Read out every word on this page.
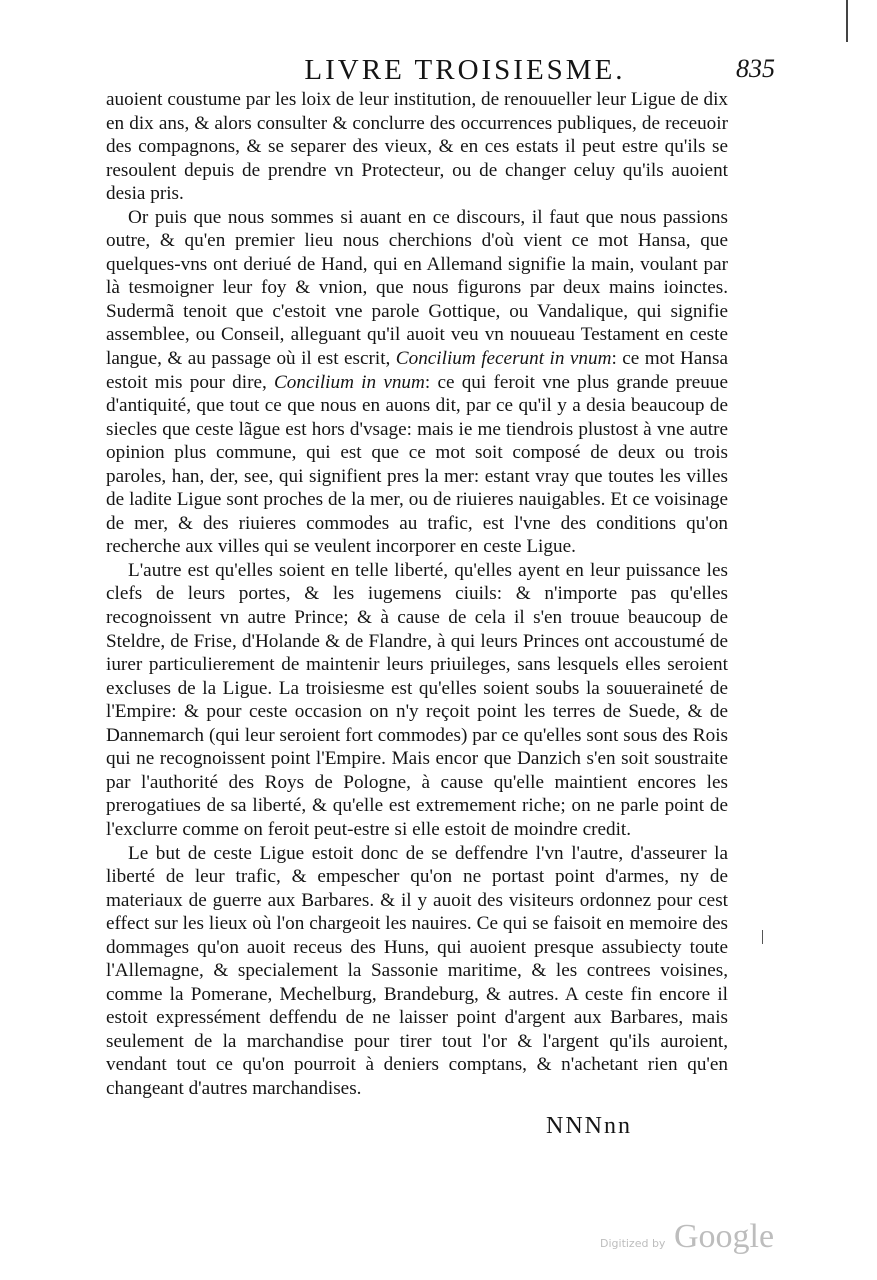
LIVRE TROISIESME.	835

auoient coustume par les loix de leur institution, de renouueller leur Ligue de dix en dix ans, & alors consulter & conclurre des occurrences publiques, de receuoir des compagnons, & se separer des vieux, & en ces estats il peut estre qu'ils se resoulent depuis de prendre vn Protecteur, ou de changer celuy qu'ils auoient desia pris.

Or puis que nous sommes si auant en ce discours, il faut que nous passions outre, & qu'en premier lieu nous cherchions d'où vient ce mot Hansa, que quelques-vns ont deriué de Hand, qui en Allemand signifie la main, voulant par là tesmoigner leur foy & vnion, que nous figurons par deux mains ioinctes. Sudermã tenoit que c'estoit vne parole Gottique, ou Vandalique, qui signifie assemblee, ou Conseil, alleguant qu'il auoit veu vn nouueau Testament en ceste langue, & au passage où il est escrit, Concilium fecerunt in vnum: ce mot Hansa estoit mis pour dire, Concilium in vnum: ce qui feroit vne plus grande preuue d'antiquité, que tout ce que nous en auons dit, par ce qu'il y a desia beaucoup de siecles que ceste lãgue est hors d'vsage: mais ie me tiendrois plustost à vne autre opinion plus commune, qui est que ce mot soit composé de deux ou trois paroles, han, der, see, qui signifient pres la mer: estant vray que toutes les villes de ladite Ligue sont proches de la mer, ou de riuieres nauigables. Et ce voisinage de mer, & des riuieres commodes au trafic, est l'vne des conditions qu'on recherche aux villes qui se veulent incorporer en ceste Ligue.

L'autre est qu'elles soient en telle liberté, qu'elles ayent en leur puissance les clefs de leurs portes, & les iugemens ciuils: & n'importe pas qu'elles recognoissent vn autre Prince; & à cause de cela il s'en trouue beaucoup de Steldre, de Frise, d'Holande & de Flandre, à qui leurs Princes ont accoustumé de iurer particulierement de maintenir leurs priuileges, sans lesquels elles seroient excluses de la Ligue. La troisiesme est qu'elles soient soubs la souueraineté de l'Empire: & pour ceste occasion on n'y reçoit point les terres de Suede, & de Dannemarch (qui leur seroient fort commodes) par ce qu'elles sont sous des Rois qui ne recognoissent point l'Empire. Mais encor que Danzich s'en soit soustraite par l'authorité des Roys de Pologne, à cause qu'elle maintient encores les prerogatiues de sa liberté, & qu'elle est extremement riche; on ne parle point de l'exclurre comme on feroit peut-estre si elle estoit de moindre credit.

Le but de ceste Ligue estoit donc de se deffendre l'vn l'autre, d'asseurer la liberté de leur trafic, & empescher qu'on ne portast point d'armes, ny de materiaux de guerre aux Barbares. & il y auoit des visiteurs ordonnez pour cest effect sur les lieux où l'on chargeoit les nauires. Ce qui se faisoit en memoire des dommages qu'on auoit receus des Huns, qui auoient presque assubiecty toute l'Allemagne, & specialement la Sassonie maritime, & les contrees voisines, comme la Pomerane, Mechelburg, Brandeburg, & autres. A ceste fin encore il estoit expressément deffendu de ne laisser point d'argent aux Barbares, mais seulement de la marchandise pour tirer tout l'or & l'argent qu'ils auroient, vendant tout ce qu'on pourroit à deniers comptans, & n'achetant rien qu'en changeant d'autres marchandises.

NNNnn
Digitized by Google
